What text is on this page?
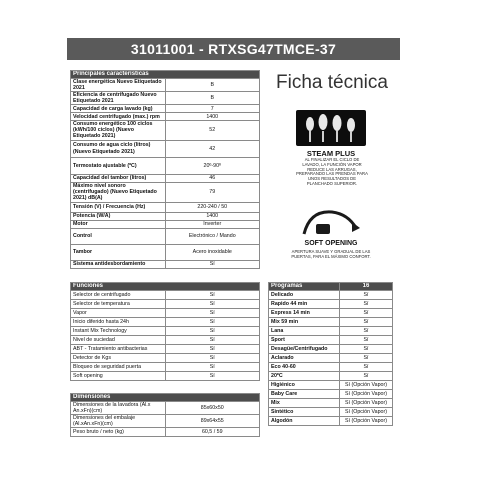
31011001 - RTXSG47TMCE-37
Principales características	
Clase energética Nuevo Etiquetado 2021	B
Eficiencia de centrifugado Nuevo Etiquetado 2021	B
Capacidad de carga lavado (kg)	7
Velocidad centrifugado (max.) rpm	1400
Consumo energético 100 ciclos (kWh/100 ciclos) (Nuevo Etiquetado 2021)	52
Consumo de agua ciclo (litros) (Nuevo Etiquetado 2021)	42
Termostato ajustable (ºC)	20º-90º
Capacidad del tambor (litros)	46
Máximo nivel sonoro (centrifugado) (Nuevo Etiquetado 2021) dB(A)	79
Tensión (V) / Frecuencia (Hz)	220-240 / 50
Potencia (W/A)	1400
Motor	Inverter
Control	Electrónico / Mando
Tambor	Acero inoxidable
Sistema antidesbordamiento	Sí
Funciones	
Selector de centrifugado	Sí
Selector de temperatura	Sí
Vapor	Sí
Inicio diferido hasta 24h	Sí
Instant Mix Technology	Sí
Nivel de suciedad	Sí
ABT - Tratamiento antibacterias	Sí
Detector de Kgs	Sí
Bloqueo de seguridad puerta	Sí
Soft opening	Sí
Dimensiones	
Dimensiones de la lavadora (Al.x An.xFn)(cm)	85x60x50
Dimensiones del embalaje (Al.xAn.xFn)(cm)	89x64x55
Peso bruto / neto (kg)	60,5 / 59
Programas	16
Delicado	Sí
Rapido 44 min	Sí
Express 14 min	Sí
Mix 59 min	Sí
Lana	Sí
Sport	Sí
Desagüe/Centrifugado	Sí
Aclarado	Sí
Eco 40-60	Sí
20ºC	Sí
Higiénico	Sí (Opción Vapor)
Baby Care	Sí (Opción Vapor)
Mix	Sí (Opción Vapor)
Sintético	Sí (Opción Vapor)
Algodón	Sí (Opción Vapor)
Ficha técnica
STEAM PLUS
AL FINALIZAR EL CICLO DE LAVADO, LA FUNCIÓN VAPOR REDUCE LAS ARRUGAS, PREPARANDO LAS PRENDAS PARA UNOS RESULTADOS DE PLANCHADO SUPERIOR.
SOFT OPENING
APERTURA SUAVE Y GRADUAL DE LAS PUERTAS, PARA EL MÁXIMO CONFORT.
